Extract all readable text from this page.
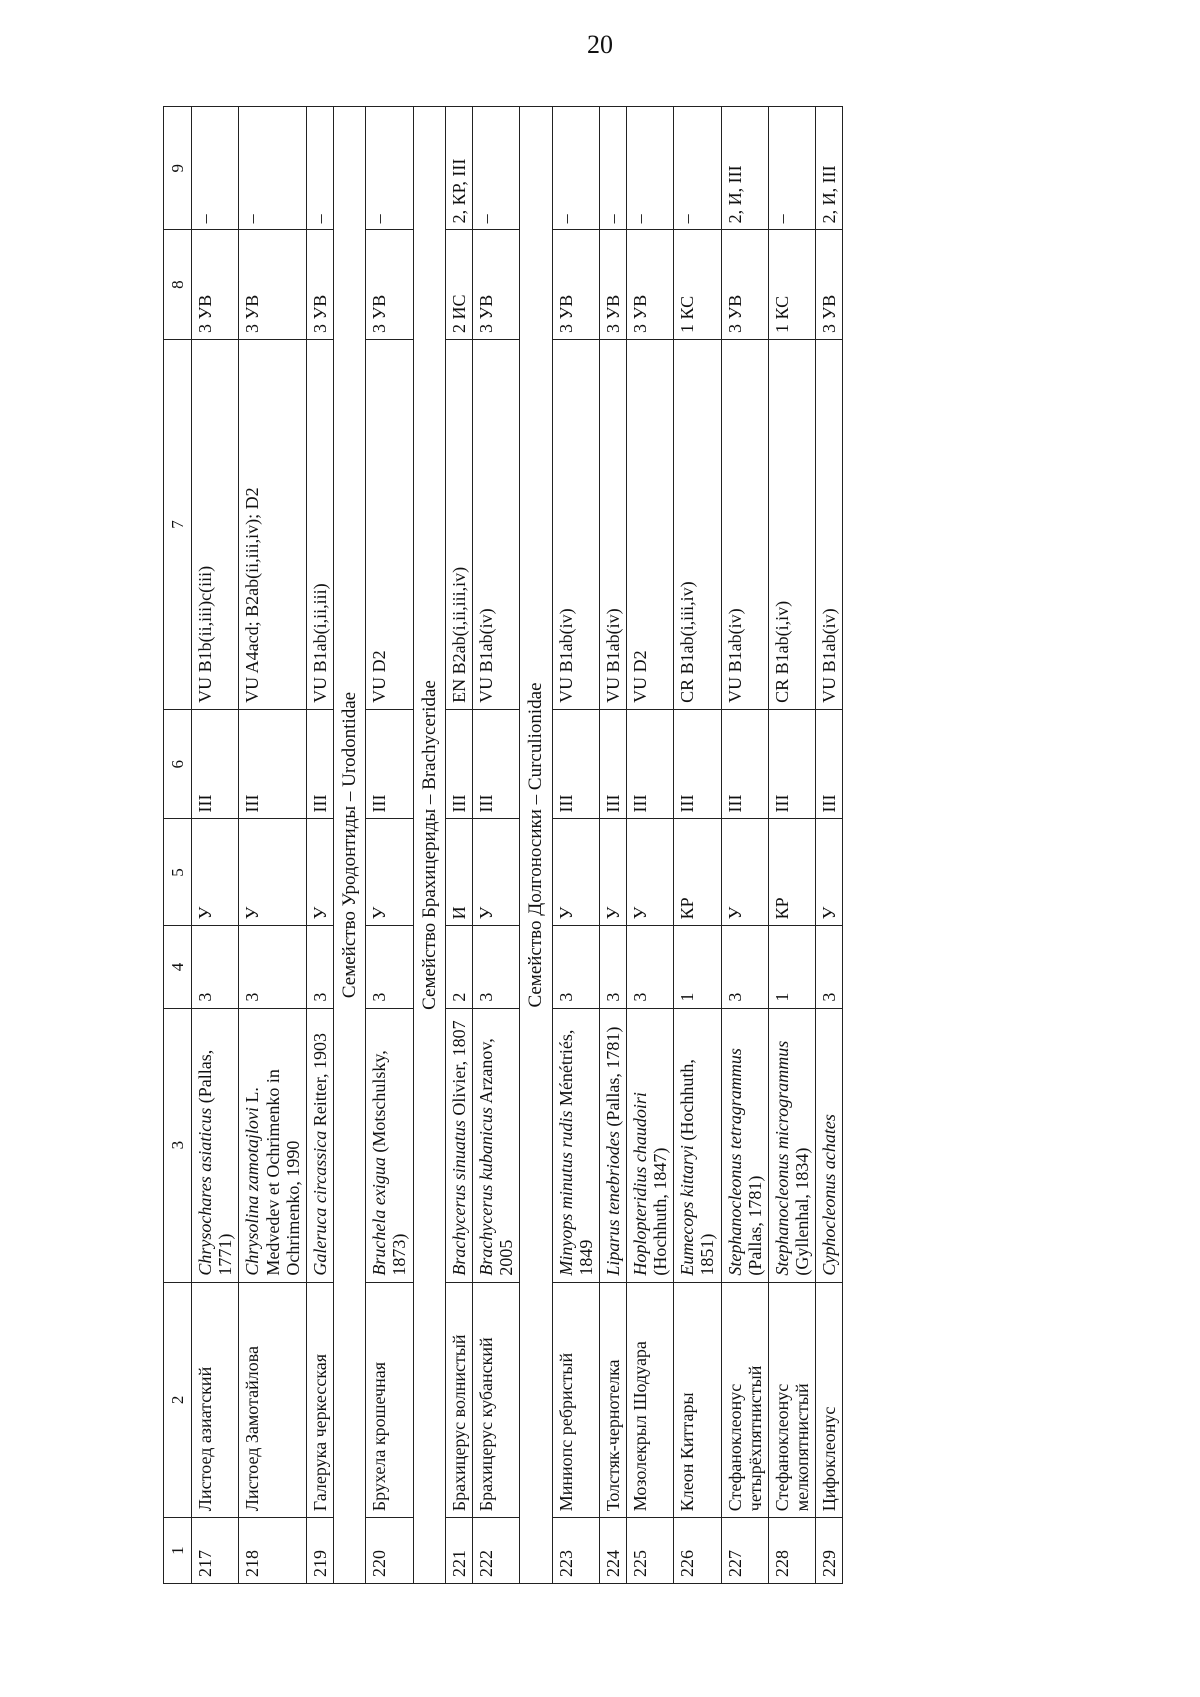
20
1	2	3	4	5	6	7	8	9
217	Листоед азиатский	Chrysochares asiaticus (Pallas, 1771)	3	У	III	VU B1b(ii,iii)c(iii)	3 УВ	–
218	Листоед Замотайлова	Chrysolina zamotajlovi L. Medvedev et Ochrimenko in Ochrimenko, 1990	3	У	III	VU A4acd; B2ab(ii,iii,iv); D2	3 УВ	–
219	Галерука черкесская	Galeruca circassica Reitter, 1903	3	У	III	VU B1ab(i,ii,iii)	3 УВ	–
Семейство Уродонтиды – Urodontidae								
220	Брухела крошечная	Bruchela exigua (Motschulsky, 1873)	3	У	III	VU D2	3 УВ	–
Семейство Брахицериды – Brachyceridae								
221	Брахицерус волнистый	Brachycerus sinuatus Olivier, 1807	2	И	III	EN B2ab(i,ii,iii,iv)	2 ИС	2, КР, III
222	Брахицерус кубанский	Brachycerus kubanicus Arzanov, 2005	3	У	III	VU B1ab(iv)	3 УВ	–
Семейство Долгоносики – Curculionidae								
223	Миниопс ребристый	Minyops minutus rudis Ménétriés, 1849	3	У	III	VU B1ab(iv)	3 УВ	–
224	Толстяк-чернотелка	Liparus tenebriodes (Pallas, 1781)	3	У	III	VU B1ab(iv)	3 УВ	–
225	Мозолекрыл Шодуара	Hoplopteridius chaudoiri (Hochhuth, 1847)	3	У	III	VU D2	3 УВ	–
226	Клеон Киттары	Eumecops kittaryi (Hochhuth, 1851)	1	КР	III	CR B1ab(i,iii,iv)	1 КС	–
227	Стефаноклеонус четырёхпятнистый	Stephanocleonus tetragrammus (Pallas, 1781)	3	У	III	VU B1ab(iv)	3 УВ	2, И, III
228	Стефаноклеонус мелкопятнистый	Stephanocleonus microgrammus (Gyllenhal, 1834)	1	КР	III	CR B1ab(i,iv)	1 КС	–
229	Цифоклеонус	Cyphocleonus achates	3	У	III	VU B1ab(iv)	3 УВ	2, И, III
